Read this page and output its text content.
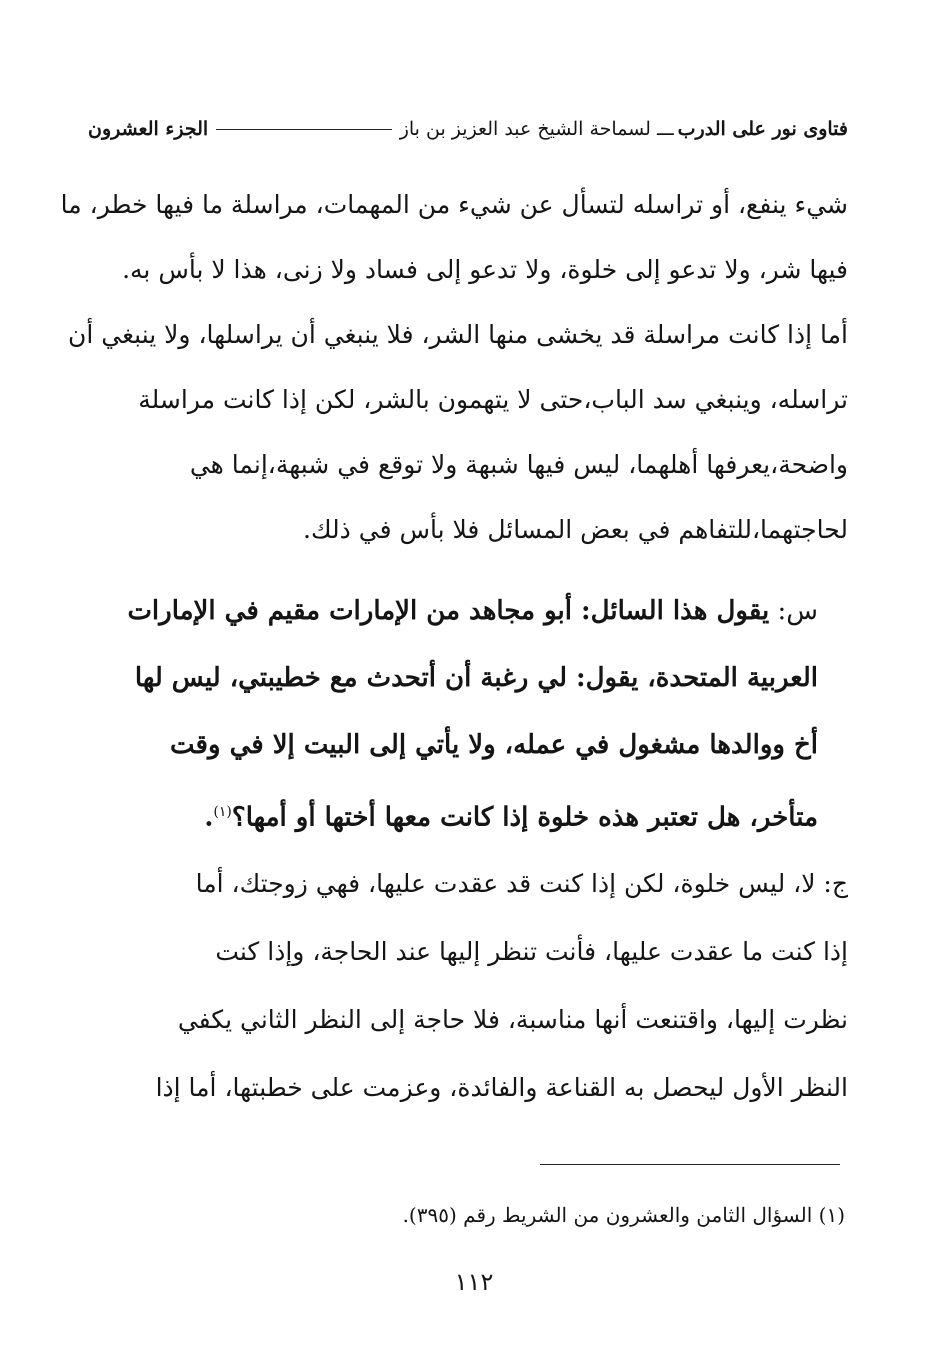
فتاوى نور على الدرب
ـــ لسماحة الشيخ عبد العزيز بن باز
الجزء العشرون

شيء ينفع، أو تراسله لتسأل عن شيء من المهمات، مراسلة ما فيها خطر، ما
فيها شر، ولا تدعو إلى خلوة، ولا تدعو إلى فساد ولا زنى، هذا لا بأس به.
أما إذا كانت مراسلة قد يخشى منها الشر، فلا ينبغي أن يراسلها، ولا ينبغي أن
تراسله، وينبغي سد الباب،حتى لا يتهمون بالشر، لكن إذا كانت مراسلة
واضحة،يعرفها أهلهما، ليس فيها شبهة ولا توقع في شبهة،إنما هي
لحاجتهما،للتفاهم في بعض المسائل فلا بأس في ذلك.

س: يقول هذا السائل: أبو مجاهد من الإمارات مقيم في الإمارات
العربية المتحدة، يقول: لي رغبة أن أتحدث مع خطيبتي، ليس لها
أخ ووالدها مشغول في عمله، ولا يأتي إلى البيت إلا في وقت
متأخر، هل تعتبر هذه خلوة إذا كانت معها أختها أو أمها؟$^{(١)}$.

ج: لا، ليس خلوة، لكن إذا كنت قد عقدت عليها، فهي زوجتك، أما
إذا كنت ما عقدت عليها، فأنت تنظر إليها عند الحاجة، وإذا كنت
نظرت إليها، واقتنعت أنها مناسبة، فلا حاجة إلى النظر الثاني يكفي
النظر الأول ليحصل به القناعة والفائدة، وعزمت على خطبتها، أما إذا

(١) السؤال الثامن والعشرون من الشريط رقم (٣٩٥).

١١٢
